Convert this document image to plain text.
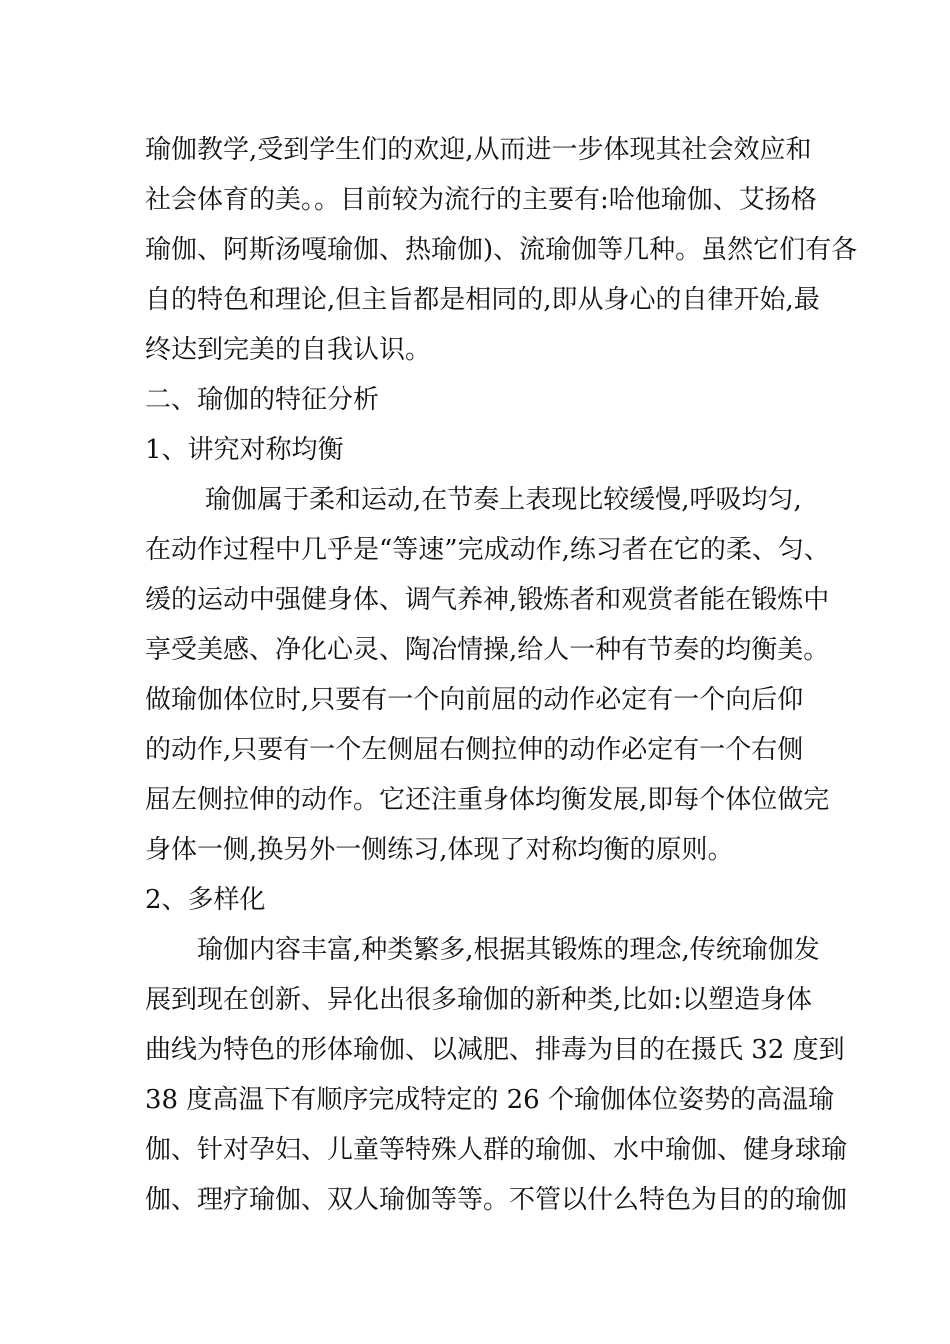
瑜伽教学,受到学生们的欢迎,从而进一步体现其社会效应和
社会体育的美。。目前较为流行的主要有:哈他瑜伽、艾扬格
瑜伽、阿斯汤嘎瑜伽、热瑜伽)、流瑜伽等几种。虽然它们有各
自的特色和理论,但主旨都是相同的,即从身心的自律开始,最
终达到完美的自我认识。
二、瑜伽的特征分析
1、讲究对称均衡
瑜伽属于柔和运动,在节奏上表现比较缓慢,呼吸均匀,
在动作过程中几乎是“等速”完成动作,练习者在它的柔、匀、
缓的运动中强健身体、调气养神,锻炼者和观赏者能在锻炼中
享受美感、净化心灵、陶冶情操,给人一种有节奏的均衡美。
做瑜伽体位时,只要有一个向前屈的动作必定有一个向后仰
的动作,只要有一个左侧屈右侧拉伸的动作必定有一个右侧
屈左侧拉伸的动作。它还注重身体均衡发展,即每个体位做完
身体一侧,换另外一侧练习,体现了对称均衡的原则。
2、多样化
瑜伽内容丰富,种类繁多,根据其锻炼的理念,传统瑜伽发
展到现在创新、异化出很多瑜伽的新种类,比如:以塑造身体
曲线为特色的形体瑜伽、以减肥、排毒为目的在摄氏 32 度到
38 度高温下有顺序完成特定的 26 个瑜伽体位姿势的高温瑜
伽、针对孕妇、儿童等特殊人群的瑜伽、水中瑜伽、健身球瑜
伽、理疗瑜伽、双人瑜伽等等。不管以什么特色为目的的瑜伽
